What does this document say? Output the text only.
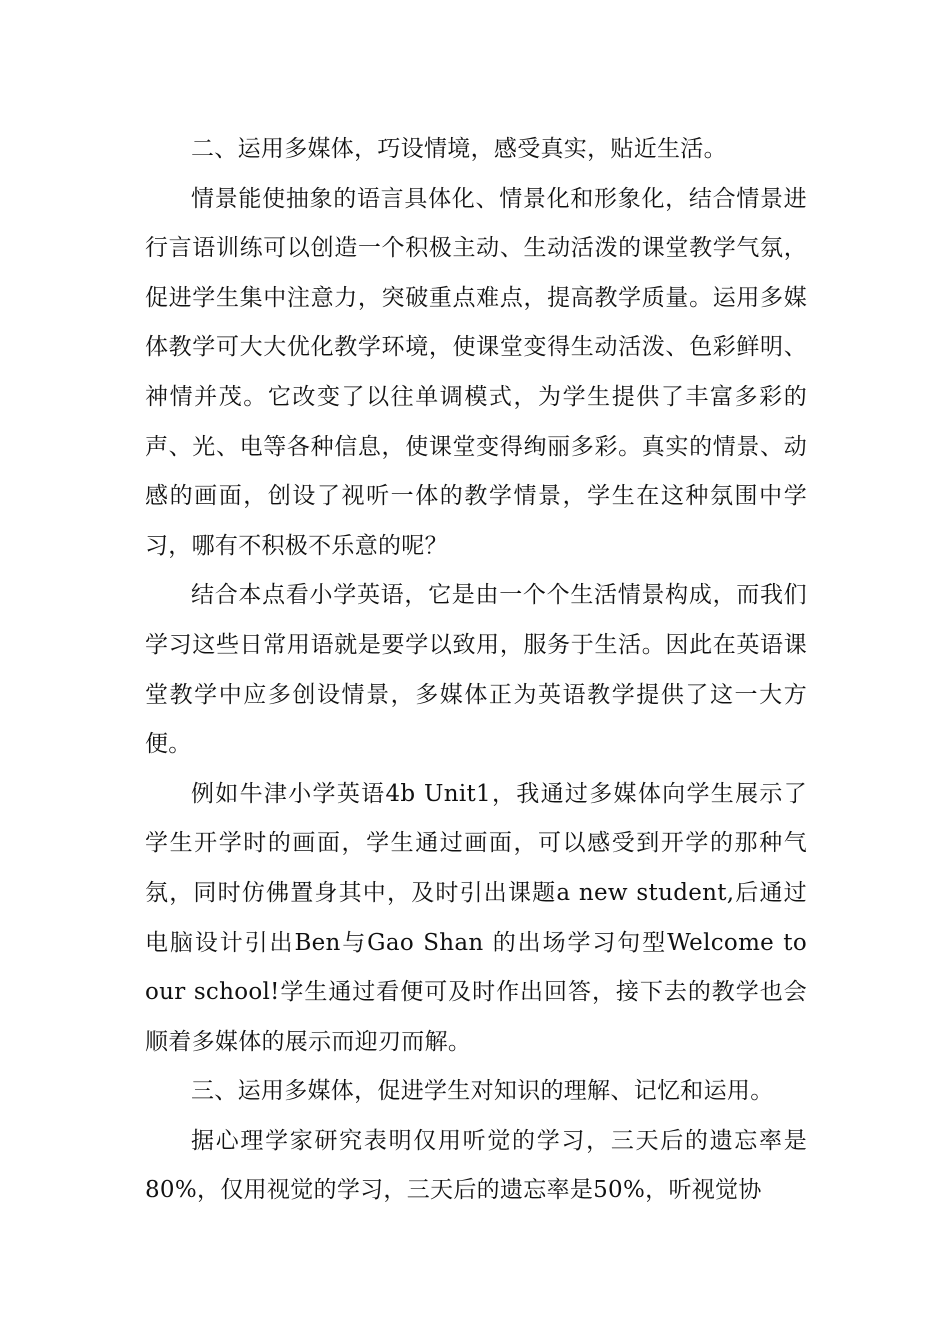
二、运用多媒体，巧设情境，感受真实，贴近生活。

情景能使抽象的语言具体化、情景化和形象化，结合情景进行言语训练可以创造一个积极主动、生动活泼的课堂教学气氛，促进学生集中注意力，突破重点难点，提高教学质量。运用多媒体教学可大大优化教学环境，使课堂变得生动活泼、色彩鲜明、神情并茂。它改变了以往单调模式，为学生提供了丰富多彩的声、光、电等各种信息，使课堂变得绚丽多彩。真实的情景、动感的画面，创设了视听一体的教学情景，学生在这种氛围中学习，哪有不积极不乐意的呢？

结合本点看小学英语，它是由一个个生活情景构成，而我们学习这些日常用语就是要学以致用，服务于生活。因此在英语课堂教学中应多创设情景，多媒体正为英语教学提供了这一大方便。

例如牛津小学英语4b Unit1，我通过多媒体向学生展示了学生开学时的画面，学生通过画面，可以感受到开学的那种气氛，同时仿佛置身其中，及时引出课题a new student,后通过电脑设计引出Ben与Gao Shan 的出场学习句型Welcome to our school!学生通过看便可及时作出回答，接下去的教学也会顺着多媒体的展示而迎刃而解。

三、运用多媒体，促进学生对知识的理解、记忆和运用。

据心理学家研究表明仅用听觉的学习，三天后的遗忘率是80%，仅用视觉的学习，三天后的遗忘率是50%，听视觉协
